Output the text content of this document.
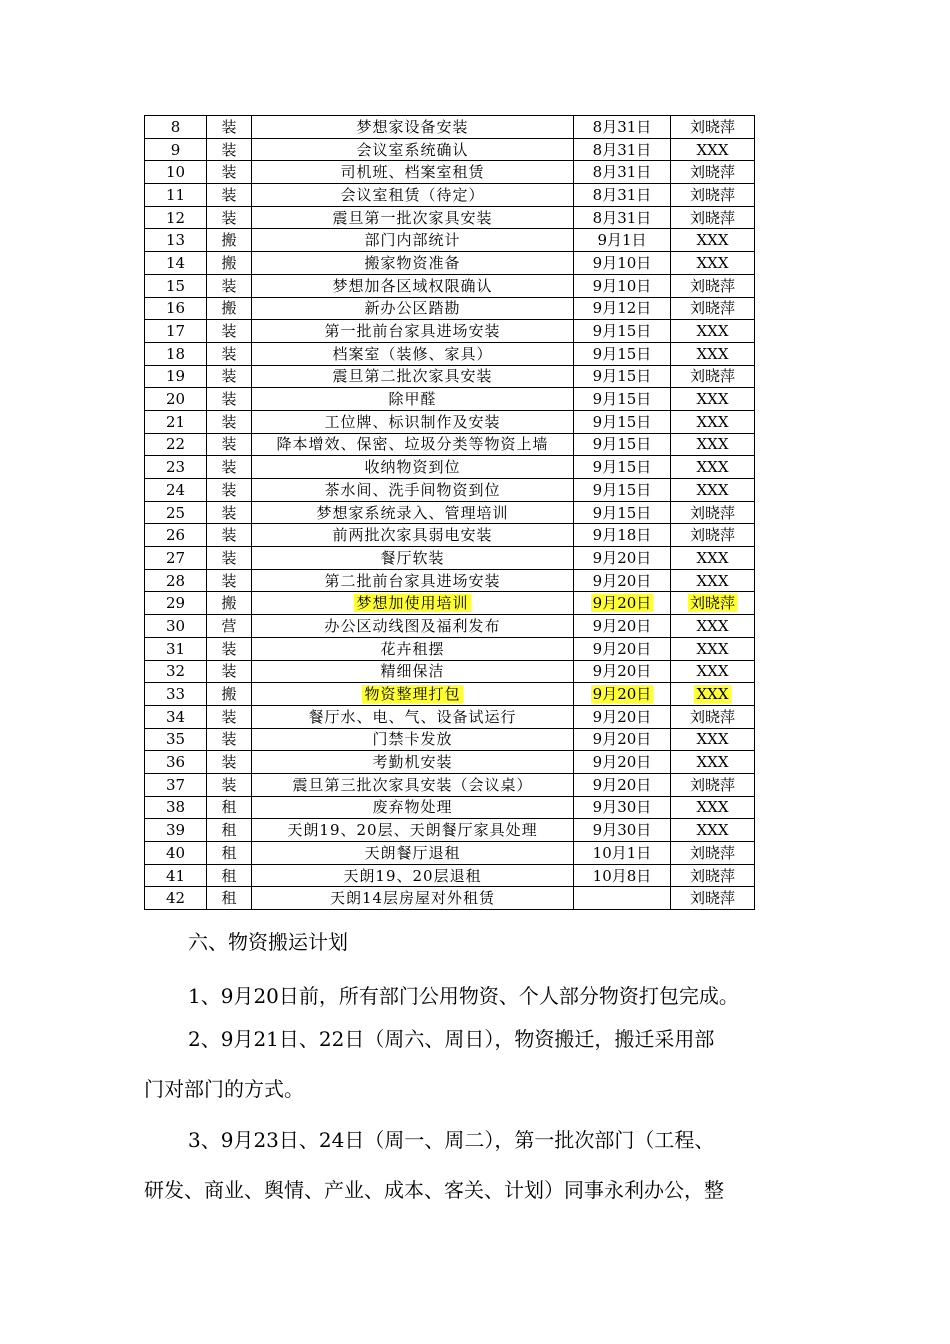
8	装	梦想家设备安装	8月31日	刘晓萍
9	装	会议室系统确认	8月31日	XXX
10	装	司机班、档案室租赁	8月31日	刘晓萍
11	装	会议室租赁（待定）	8月31日	刘晓萍
12	装	震旦第一批次家具安装	8月31日	刘晓萍
13	搬	部门内部统计	9月1日	XXX
14	搬	搬家物资准备	9月10日	XXX
15	装	梦想加各区域权限确认	9月10日	刘晓萍
16	搬	新办公区踏勘	9月12日	刘晓萍
17	装	第一批前台家具进场安装	9月15日	XXX
18	装	档案室（装修、家具）	9月15日	XXX
19	装	震旦第二批次家具安装	9月15日	刘晓萍
20	装	除甲醛	9月15日	XXX
21	装	工位牌、标识制作及安装	9月15日	XXX
22	装	降本增效、保密、垃圾分类等物资上墙	9月15日	XXX
23	装	收纳物资到位	9月15日	XXX
24	装	茶水间、洗手间物资到位	9月15日	XXX
25	装	梦想家系统录入、管理培训	9月15日	刘晓萍
26	装	前两批次家具弱电安装	9月18日	刘晓萍
27	装	餐厅软装	9月20日	XXX
28	装	第二批前台家具进场安装	9月20日	XXX
29	搬	梦想加使用培训	9月20日	刘晓萍
30	营	办公区动线图及福利发布	9月20日	XXX
31	装	花卉租摆	9月20日	XXX
32	装	精细保洁	9月20日	XXX
33	搬	物资整理打包	9月20日	XXX
34	装	餐厅水、电、气、设备试运行	9月20日	刘晓萍
35	装	门禁卡发放	9月20日	XXX
36	装	考勤机安装	9月20日	XXX
37	装	震旦第三批次家具安装（会议桌）	9月20日	刘晓萍
38	租	废弃物处理	9月30日	XXX
39	租	天朗19、20层、天朗餐厅家具处理	9月30日	XXX
40	租	天朗餐厅退租	10月1日	刘晓萍
41	租	天朗19、20层退租	10月8日	刘晓萍
42	租	天朗14层房屋对外租赁		刘晓萍

六、物资搬运计划

1、9月20日前，所有部门公用物资、个人部分物资打包完成。

2、9月21日、22日（周六、周日），物资搬迁，搬迁采用部

门对部门的方式。

3、9月23日、24日（周一、周二），第一批次部门（工程、

研发、商业、舆情、产业、成本、客关、计划）同事永利办公，整
